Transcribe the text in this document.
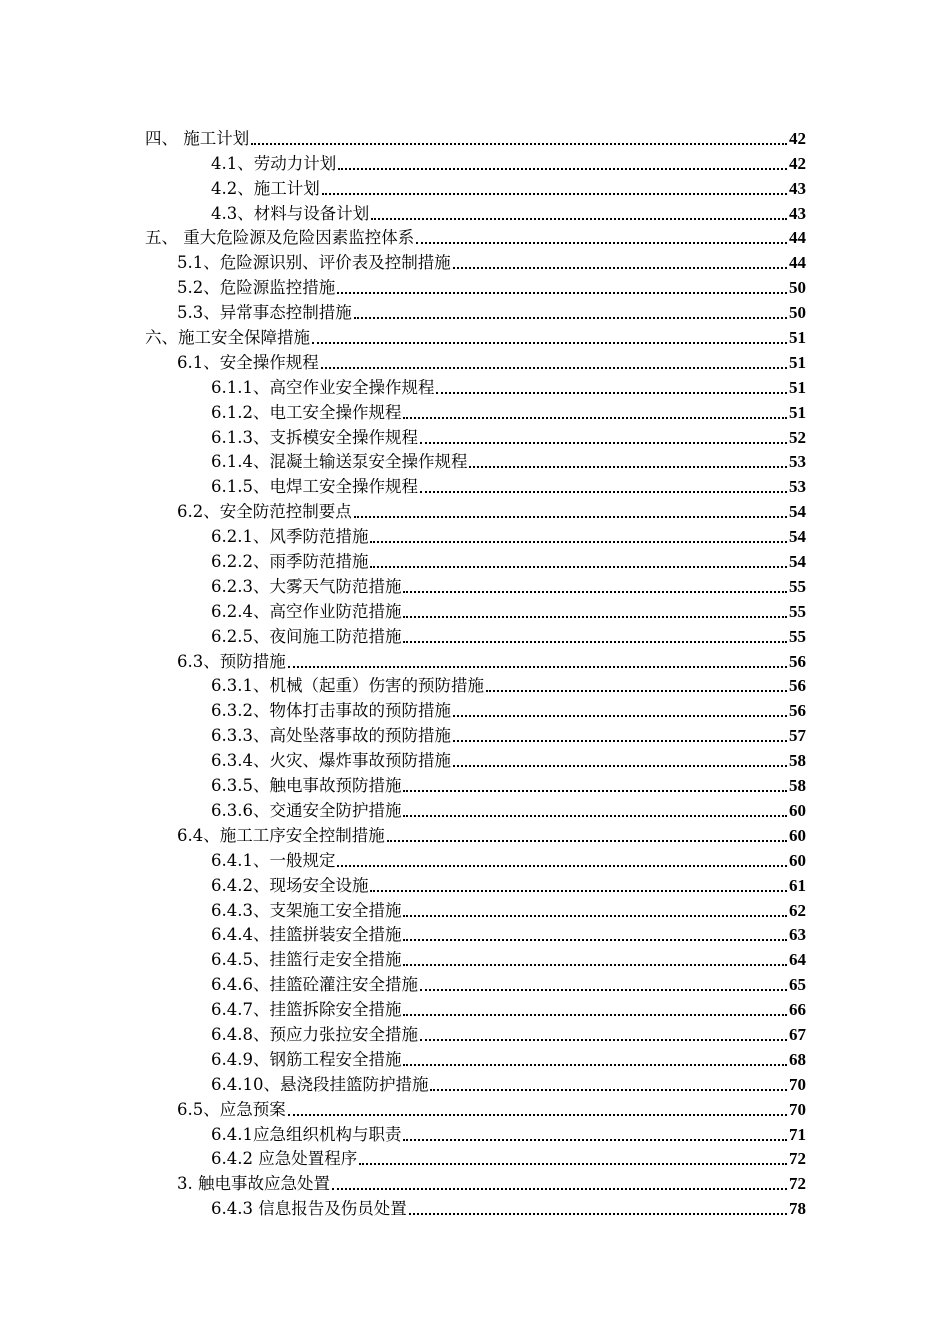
四、 施工计划	42
4.1、劳动力计划	42
4.2、施工计划	43
4.3、材料与设备计划	43
五、 重大危险源及危险因素监控体系	44
5.1、危险源识别、评价表及控制措施	44
5.2、危险源监控措施	50
5.3、异常事态控制措施	50
六、施工安全保障措施	51
6.1、安全操作规程	51
6.1.1、高空作业安全操作规程	51
6.1.2、电工安全操作规程	51
6.1.3、支拆模安全操作规程	52
6.1.4、混凝土输送泵安全操作规程	53
6.1.5、电焊工安全操作规程	53
6.2、安全防范控制要点	54
6.2.1、风季防范措施	54
6.2.2、雨季防范措施	54
6.2.3、大雾天气防范措施	55
6.2.4、高空作业防范措施	55
6.2.5、夜间施工防范措施	55
6.3、预防措施	56
6.3.1、机械（起重）伤害的预防措施	56
6.3.2、物体打击事故的预防措施	56
6.3.3、高处坠落事故的预防措施	57
6.3.4、火灾、爆炸事故预防措施	58
6.3.5、触电事故预防措施	58
6.3.6、交通安全防护措施	60
6.4、施工工序安全控制措施	60
6.4.1、一般规定	60
6.4.2、现场安全设施	61
6.4.3、支架施工安全措施	62
6.4.4、挂篮拼装安全措施	63
6.4.5、挂篮行走安全措施	64
6.4.6、挂篮砼灌注安全措施	65
6.4.7、挂篮拆除安全措施	66
6.4.8、预应力张拉安全措施	67
6.4.9、钢筋工程安全措施	68
6.4.10、悬浇段挂篮防护措施	70
6.5、应急预案	70
6.4.1应急组织机构与职责	71
6.4.2 应急处置程序	72
3. 触电事故应急处置	72
6.4.3 信息报告及伤员处置	78
